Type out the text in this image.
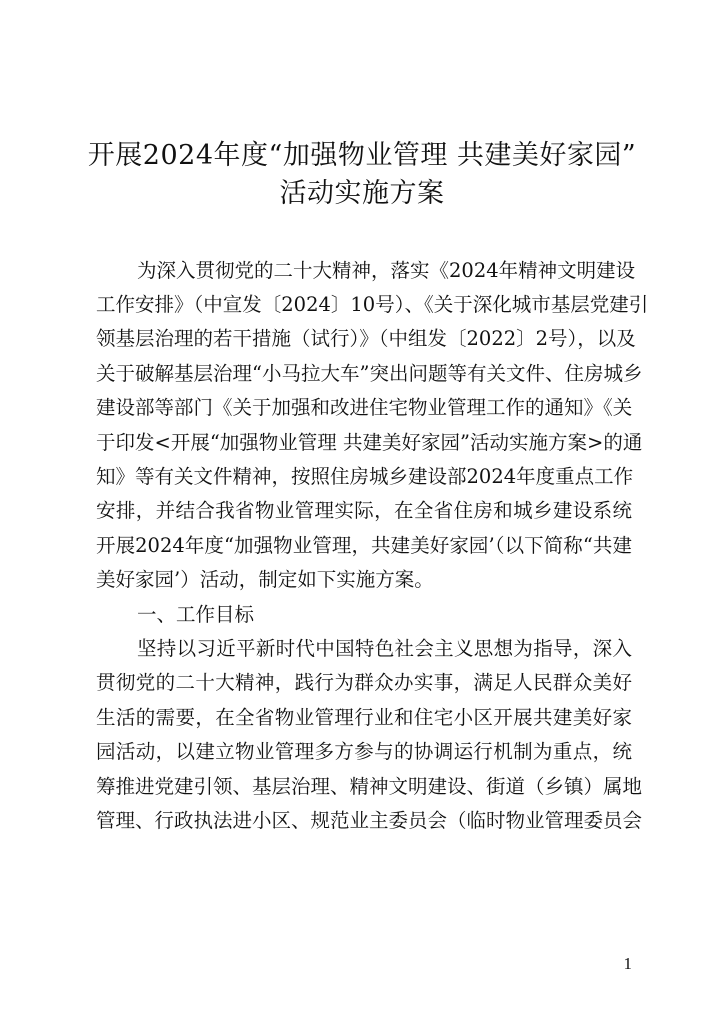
开展2024年度“加强物业管理 共建美好家园”
活动实施方案
为深入贯彻党的二十大精神，落实《2024年精神文明建设
工作安排》（中宣发〔2024〕10号）、《关于深化城市基层党建引
领基层治理的若干措施（试行）》（中组发〔2022〕2号），以及
关于破解基层治理“小马拉大车”突出问题等有关文件、住房城乡
建设部等部门《关于加强和改进住宅物业管理工作的通知》《关
于印发<开展“加强物业管理 共建美好家园”活动实施方案>的通
知》等有关文件精神，按照住房城乡建设部2024年度重点工作
安排，并结合我省物业管理实际，在全省住房和城乡建设系统
开展2024年度“加强物业管理，共建美好家园’（以下简称“共建
美好家园’）活动，制定如下实施方案。
一、工作目标
坚持以习近平新时代中国特色社会主义思想为指导，深入
贯彻党的二十大精神，践行为群众办实事，满足人民群众美好
生活的需要，在全省物业管理行业和住宅小区开展共建美好家
园活动，以建立物业管理多方参与的协调运行机制为重点，统
筹推进党建引领、基层治理、精神文明建设、街道（乡镇）属地
管理、行政执法进小区、规范业主委员会（临时物业管理委员会
1
